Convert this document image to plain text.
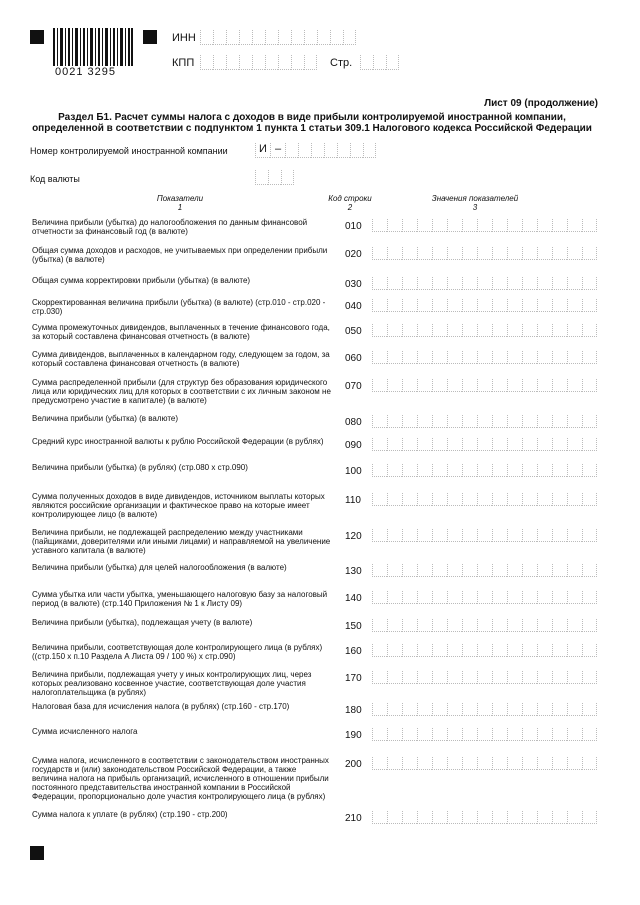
0021 3295
ИНН
КПП	Стр.
Лист 09 (продолжение)
Раздел Б1. Расчет суммы налога с доходов в виде прибыли контролируемой иностранной компании, определенной в соответствии с подпунктом 1 пункта 1 статьи 309.1 Налогового кодекса Российской Федерации
Номер контролируемой иностранной компании	И –
Код валюты
Показатели
1
Код строки
2
Значения показателей
3
Величина прибыли (убытка) до налогообложения по данным финансовой отчетности за финансовый год (в валюте)	010
Общая сумма доходов и расходов, не учитываемых при определении прибыли (убытка) (в валюте)	020
Общая сумма корректировки прибыли (убытка) (в валюте)	030
Скорректированная величина прибыли (убытка) (в валюте) (стр.010 - стр.020 - стр.030)	040
Сумма промежуточных дивидендов, выплаченных в течение финансового года, за который составлена финансовая отчетность (в валюте)	050
Сумма дивидендов, выплаченных в календарном году, следующем за годом, за который составлена финансовая отчетность (в валюте)	060
Сумма распределенной прибыли (для структур без образования юридического лица или юридических лиц для которых в соответствии с их личным законом не предусмотрено участие в капитале) (в валюте)
070
Величина прибыли (убытка) (в валюте)	080
Средний курс иностранной валюты к рублю Российской Федерации (в рублях)	090
Величина прибыли (убытка) (в рублях) (стр.080 x стр.090)	100
Сумма полученных доходов в виде дивидендов, источником выплаты которых являются российские организации и фактическое право на которые имеет контролирующее лицо (в валюте)
110
Величина прибыли, не подлежащей распределению между участниками (пайщиками, доверителями или иными лицами) и направляемой на увеличение уставного капитала (в валюте)
120
Величина прибыли (убытка) для целей налогообложения (в валюте)	130
Сумма убытка или части убытка, уменьшающего налоговую базу за налоговый период (в валюте) (стр.140 Приложения № 1 к Листу 09)	140
Величина прибыли (убытка), подлежащая учету (в валюте)	150
Величина прибыли, соответствующая доле контролирующего лица (в рублях) ((стр.150 x п.10 Раздела А Листа 09 / 100 %) x стр.090)	160
Величина прибыли, подлежащая учету у иных контролирующих лиц, через которых реализовано косвенное участие, соответствующая доле участия налогоплательщика (в рублях)
170
Налоговая база для исчисления налога (в рублях) (стр.160 - стр.170)	180
Сумма исчисленного налога	190
Сумма налога, исчисленного в соответствии с законодательством иностранных государств и (или) законодательством Российской Федерации, а также величина налога на прибыль организаций, исчисленного в отношении прибыли постоянного представительства иностранной компании в Российской Федерации, пропорционально доле участия контролирующего лица (в рублях)
200
Сумма налога к уплате (в рублях) (стр.190 - стр.200)	210
